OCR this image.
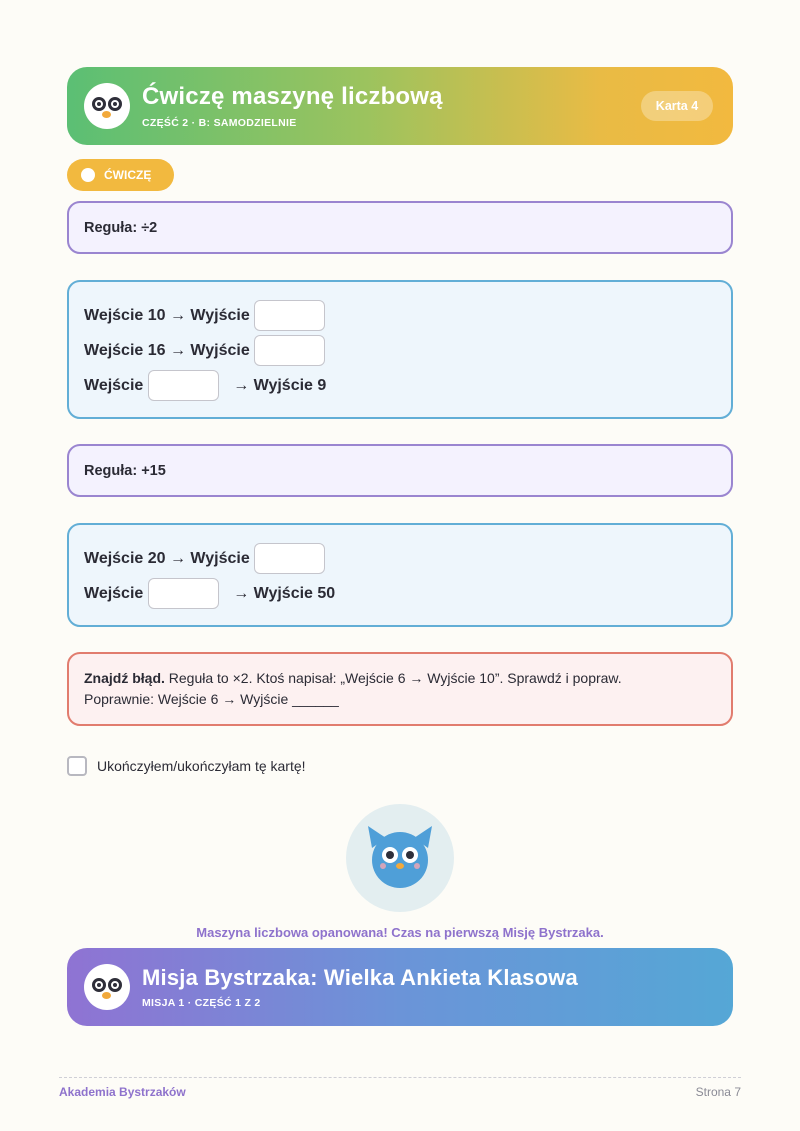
Ćwiczę maszynę liczbową
CZĘŚĆ 2 · B: SAMODZIELNIE
Karta 4
ĆWICZĘ
Reguła: ÷2
Wejście 10 → Wyjście

Wejście 16 → Wyjście

Wejście

	→ Wyjście 9
Reguła: +15
Wejście 20 → Wyjście

Wejście

	→ Wyjście 50
Znajdź błąd. Reguła to ×2. Ktoś napisał: „Wejście 6 → Wyjście 10”. Sprawdź i popraw.
Poprawnie: Wejście 6 → Wyjście ______
Ukończyłem/ukończyłam tę kartę!
Maszyna liczbowa opanowana! Czas na pierwszą Misję Bystrzaka.
Misja Bystrzaka: Wielka Ankieta Klasowa
MISJA 1 · CZĘŚĆ 1 Z 2
Akademia Bystrzaków	Strona 7
